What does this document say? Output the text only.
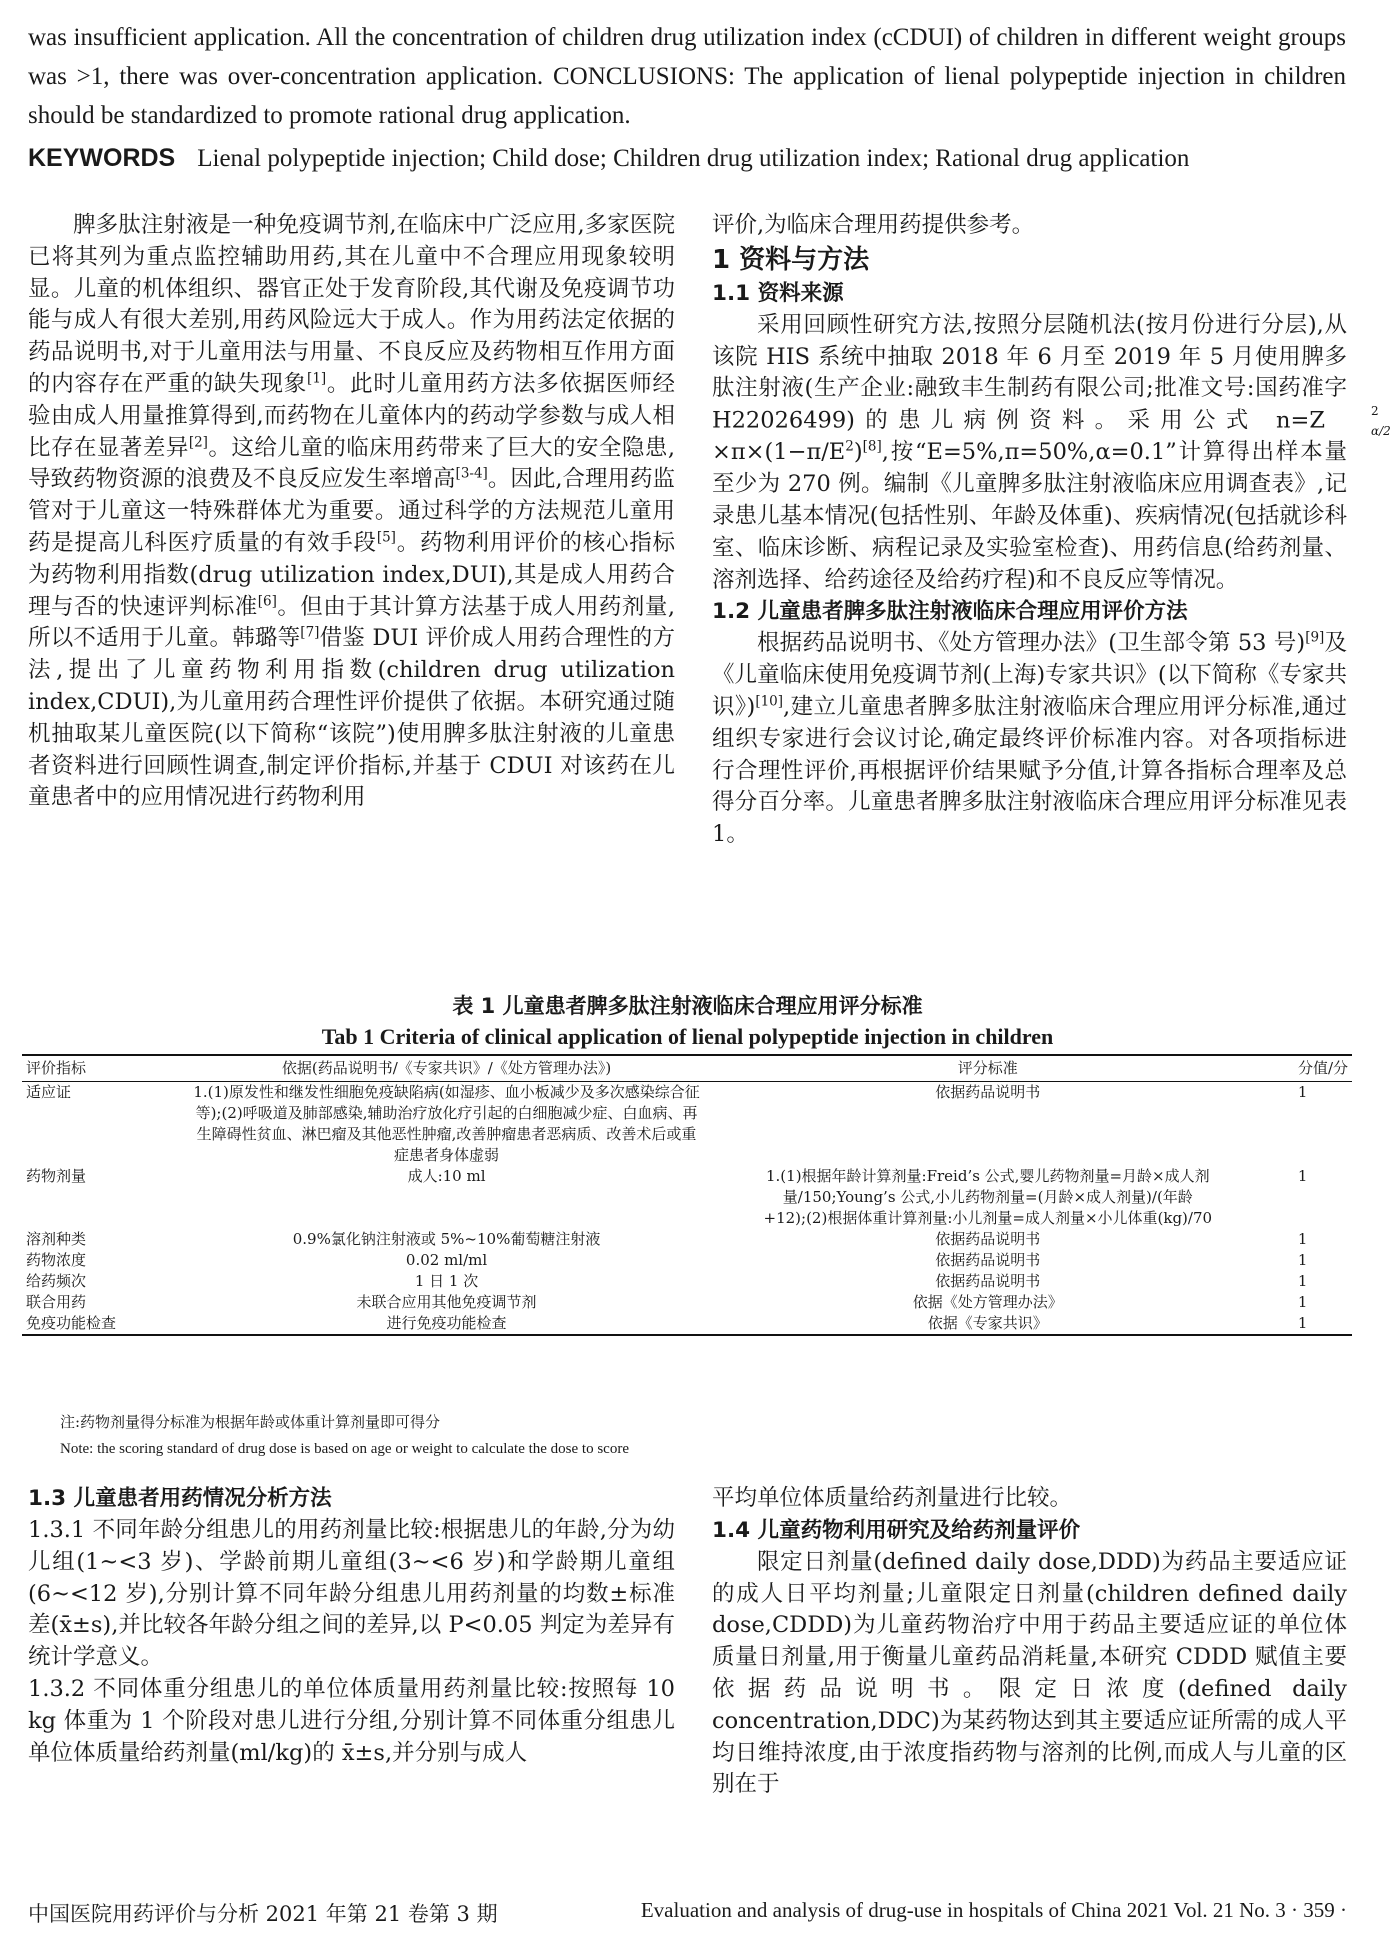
was insufficient application. All the concentration of children drug utilization index (cCDUI) of children in different weight groups was >1, there was over-concentration application. CONCLUSIONS: The application of lienal polypeptide injection in children should be standardized to promote rational drug application.

KEYWORDS Lienal polypeptide injection; Child dose; Children drug utilization index; Rational drug application

脾多肽注射液是一种免疫调节剂,在临床中广泛应用,多家医院已将其列为重点监控辅助用药,其在儿童中不合理应用现象较明显。儿童的机体组织、器官正处于发育阶段,其代谢及免疫调节功能与成人有很大差别,用药风险远大于成人。作为用药法定依据的药品说明书,对于儿童用法与用量、不良反应及药物相互作用方面的内容存在严重的缺失现象[1]。此时儿童用药方法多依据医师经验由成人用量推算得到,而药物在儿童体内的药动学参数与成人相比存在显著差异[2]。这给儿童的临床用药带来了巨大的安全隐患,导致药物资源的浪费及不良反应发生率增高[3-4]。因此,合理用药监管对于儿童这一特殊群体尤为重要。通过科学的方法规范儿童用药是提高儿科医疗质量的有效手段[5]。药物利用评价的核心指标为药物利用指数(drug utilization index,DUI),其是成人用药合理与否的快速评判标准[6]。但由于其计算方法基于成人用药剂量,所以不适用于儿童。韩璐等[7]借鉴 DUI 评价成人用药合理性的方法,提出了儿童药物利用指数(children drug utilization index,CDUI),为儿童用药合理性评价提供了依据。本研究通过随机抽取某儿童医院(以下简称“该院”)使用脾多肽注射液的儿童患者资料进行回顾性调查,制定评价指标,并基于 CDUI 对该药在儿童患者中的应用情况进行药物利用

评价,为临床合理用药提供参考。

1 资料与方法
1.1 资料来源

采用回顾性研究方法,按照分层随机法(按月份进行分层),从该院 HIS 系统中抽取 2018 年 6 月至 2019 年 5 月使用脾多肽注射液(生产企业:融致丰生制药有限公司;批准文号:国药准字 H22026499)的患儿病例资料。采用公式 n=Z	2
α/2
$\times\pi\times(1-\pi/E^2)[8]$,按“E=5%,π=50%,α=0.1”计算得出样本量至少为 270 例。编制《儿童脾多肽注射液临床应用调查表》,记录患儿基本情况(包括性别、年龄及体重)、疾病情况(包括就诊科室、临床诊断、病程记录及实验室检查)、用药信息(给药剂量、溶剂选择、给药途径及给药疗程)和不良反应等情况。

1.2 儿童患者脾多肽注射液临床合理应用评价方法

根据药品说明书、《处方管理办法》(卫生部令第 53 号)[9]及《儿童临床使用免疫调节剂(上海)专家共识》(以下简称《专家共识》)[10],建立儿童患者脾多肽注射液临床合理应用评分标准,通过组织专家进行会议讨论,确定最终评价标准内容。对各项指标进行合理性评价,再根据评价结果赋予分值,计算各指标合理率及总得分百分率。儿童患者脾多肽注射液临床合理应用评分标准见表 1。

表 1 儿童患者脾多肽注射液临床合理应用评分标准
Tab 1 Criteria of clinical application of lienal polypeptide injection in children
评价指标	依据(药品说明书/《专家共识》/《处方管理办法》)	评分标准	分值/分
适应证	1.(1)原发性和继发性细胞免疫缺陷病(如湿疹、血小板减少及多次感染综合征等);(2)呼吸道及肺部感染,辅助治疗放化疗引起的白细胞减少症、白血病、再生障碍性贫血、淋巴瘤及其他恶性肿瘤,改善肿瘤患者恶病质、改善术后或重症患者身体虚弱	依据药品说明书	1
药物剂量	成人:10 ml	1.(1)根据年龄计算剂量:Freid’s 公式,婴儿药物剂量=月龄×成人剂量/150;Young’s 公式,小儿药物剂量=(月龄×成人剂量)/(年龄+12);(2)根据体重计算剂量:小儿剂量=成人剂量×小儿体重(kg)/70	1
溶剂种类	0.9%氯化钠注射液或 5%~10%葡萄糖注射液	依据药品说明书	1
药物浓度	0.02 ml/ml	依据药品说明书	1
给药频次	1 日 1 次	依据药品说明书	1
联合用药	未联合应用其他免疫调节剂	依据《处方管理办法》	1
免疫功能检查	进行免疫功能检查	依据《专家共识》	1
注:药物剂量得分标准为根据年龄或体重计算剂量即可得分
Note: the scoring standard of drug dose is based on age or weight to calculate the dose to score
1.3 儿童患者用药情况分析方法

1.3.1 不同年龄分组患儿的用药剂量比较:根据患儿的年龄,分为幼儿组(1~<3 岁)、学龄前期儿童组(3~<6 岁)和学龄期儿童组(6~<12 岁),分别计算不同年龄分组患儿用药剂量的均数±标准差(x̄±s),并比较各年龄分组之间的差异,以 P<0.05 判定为差异有统计学意义。

1.3.2 不同体重分组患儿的单位体质量用药剂量比较:按照每 10 kg 体重为 1 个阶段对患儿进行分组,分别计算不同体重分组患儿单位体质量给药剂量(ml/kg)的 x̄±s,并分别与成人

平均单位体质量给药剂量进行比较。

1.4 儿童药物利用研究及给药剂量评价

限定日剂量(defined daily dose,DDD)为药品主要适应证的成人日平均剂量;儿童限定日剂量(children defined daily dose,CDDD)为儿童药物治疗中用于药品主要适应证的单位体质量日剂量,用于衡量儿童药品消耗量,本研究 CDDD 赋值主要依据药品说明书。限定日浓度(defined daily concentration,DDC)为某药物达到其主要适应证所需的成人平均日维持浓度,由于浓度指药物与溶剂的比例,而成人与儿童的区别在于

中国医院用药评价与分析 2021 年第 21 卷第 3 期	Evaluation and analysis of drug-use in hospitals of China 2021 Vol. 21 No. 3 · 359 ·
